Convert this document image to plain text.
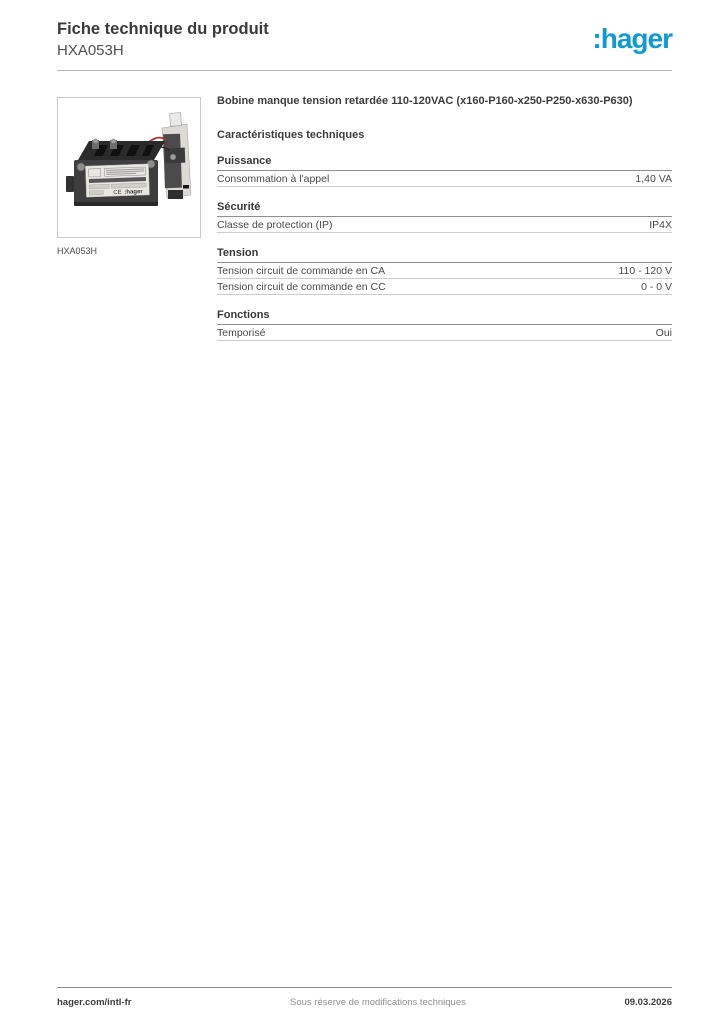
Fiche technique du produit
HXA053H	:hager
CE :hager
HXA053H
Bobine manque tension retardée 110-120VAC (x160-P160-x250-P250-x630-P630)
Caractéristiques techniques
Puissance
Consommation à l'appel	1,40 VA
Sécurité
Classe de protection (IP)	IP4X
Tension
Tension circuit de commande en CA	110 - 120 V
Tension circuit de commande en CC	0 - 0 V
Fonctions
Temporisé	Oui
hager.com/intl-fr	Sous réserve de modifications techniques	09.03.2026
